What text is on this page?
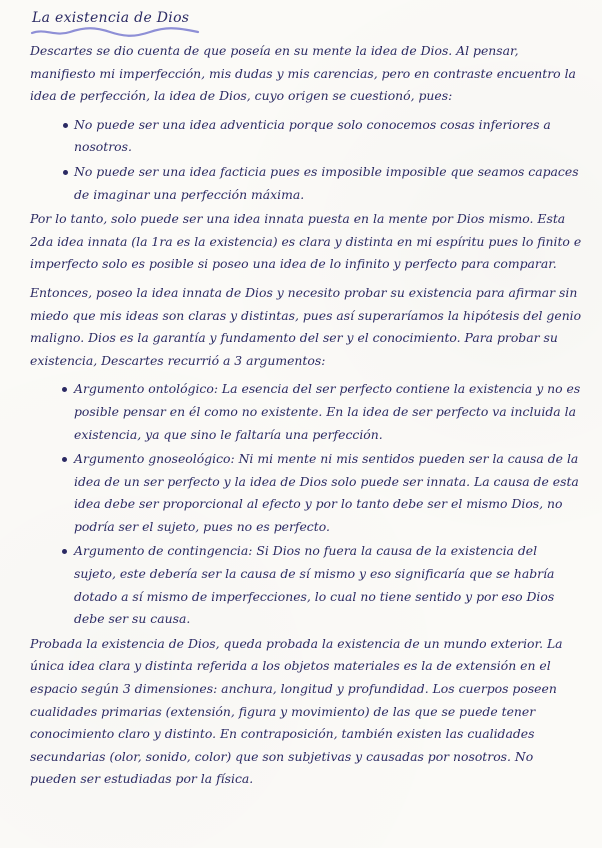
La existencia de Dios

Descartes se dio cuenta de que poseía en su mente la idea de Dios. Al pensar, manifiesto mi imperfección, mis dudas y mis carencias, pero en contraste encuentro la idea de perfección, la idea de Dios, cuyo origen se cuestionó, pues:

No puede ser una idea adventicia porque solo conocemos cosas inferiores a nosotros.
No puede ser una idea facticia pues es imposible imposible que seamos capaces de imaginar una perfección máxima.

Por lo tanto, solo puede ser una idea innata puesta en la mente por Dios mismo. Esta 2da idea innata (la 1ra es la existencia) es clara y distinta en mi espíritu pues lo finito e imperfecto solo es posible si poseo una idea de lo infinito y perfecto para comparar.

Entonces, poseo la idea innata de Dios y necesito probar su existencia para afirmar sin miedo que mis ideas son claras y distintas, pues así superaríamos la hipótesis del genio maligno. Dios es la garantía y fundamento del ser y el conocimiento. Para probar su existencia, Descartes recurrió a 3 argumentos:

Argumento ontológico: La esencia del ser perfecto contiene la existencia y no es posible pensar en él como no existente. En la idea de ser perfecto va incluida la existencia, ya que sino le faltaría una perfección.
Argumento gnoseológico: Ni mi mente ni mis sentidos pueden ser la causa de la idea de un ser perfecto y la idea de Dios solo puede ser innata. La causa de esta idea debe ser proporcional al efecto y por lo tanto debe ser el mismo Dios, no podría ser el sujeto, pues no es perfecto.
Argumento de contingencia: Si Dios no fuera la causa de la existencia del sujeto, este debería ser la causa de sí mismo y eso significaría que se habría dotado a sí mismo de imperfecciones, lo cual no tiene sentido y por eso Dios debe ser su causa.

Probada la existencia de Dios, queda probada la existencia de un mundo exterior. La única idea clara y distinta referida a los objetos materiales es la de extensión en el espacio según 3 dimensiones: anchura, longitud y profundidad. Los cuerpos poseen cualidades primarias (extensión, figura y movimiento) de las que se puede tener conocimiento claro y distinto. En contraposición, también existen las cualidades secundarias (olor, sonido, color) que son subjetivas y causadas por nosotros. No pueden ser estudiadas por la física.
